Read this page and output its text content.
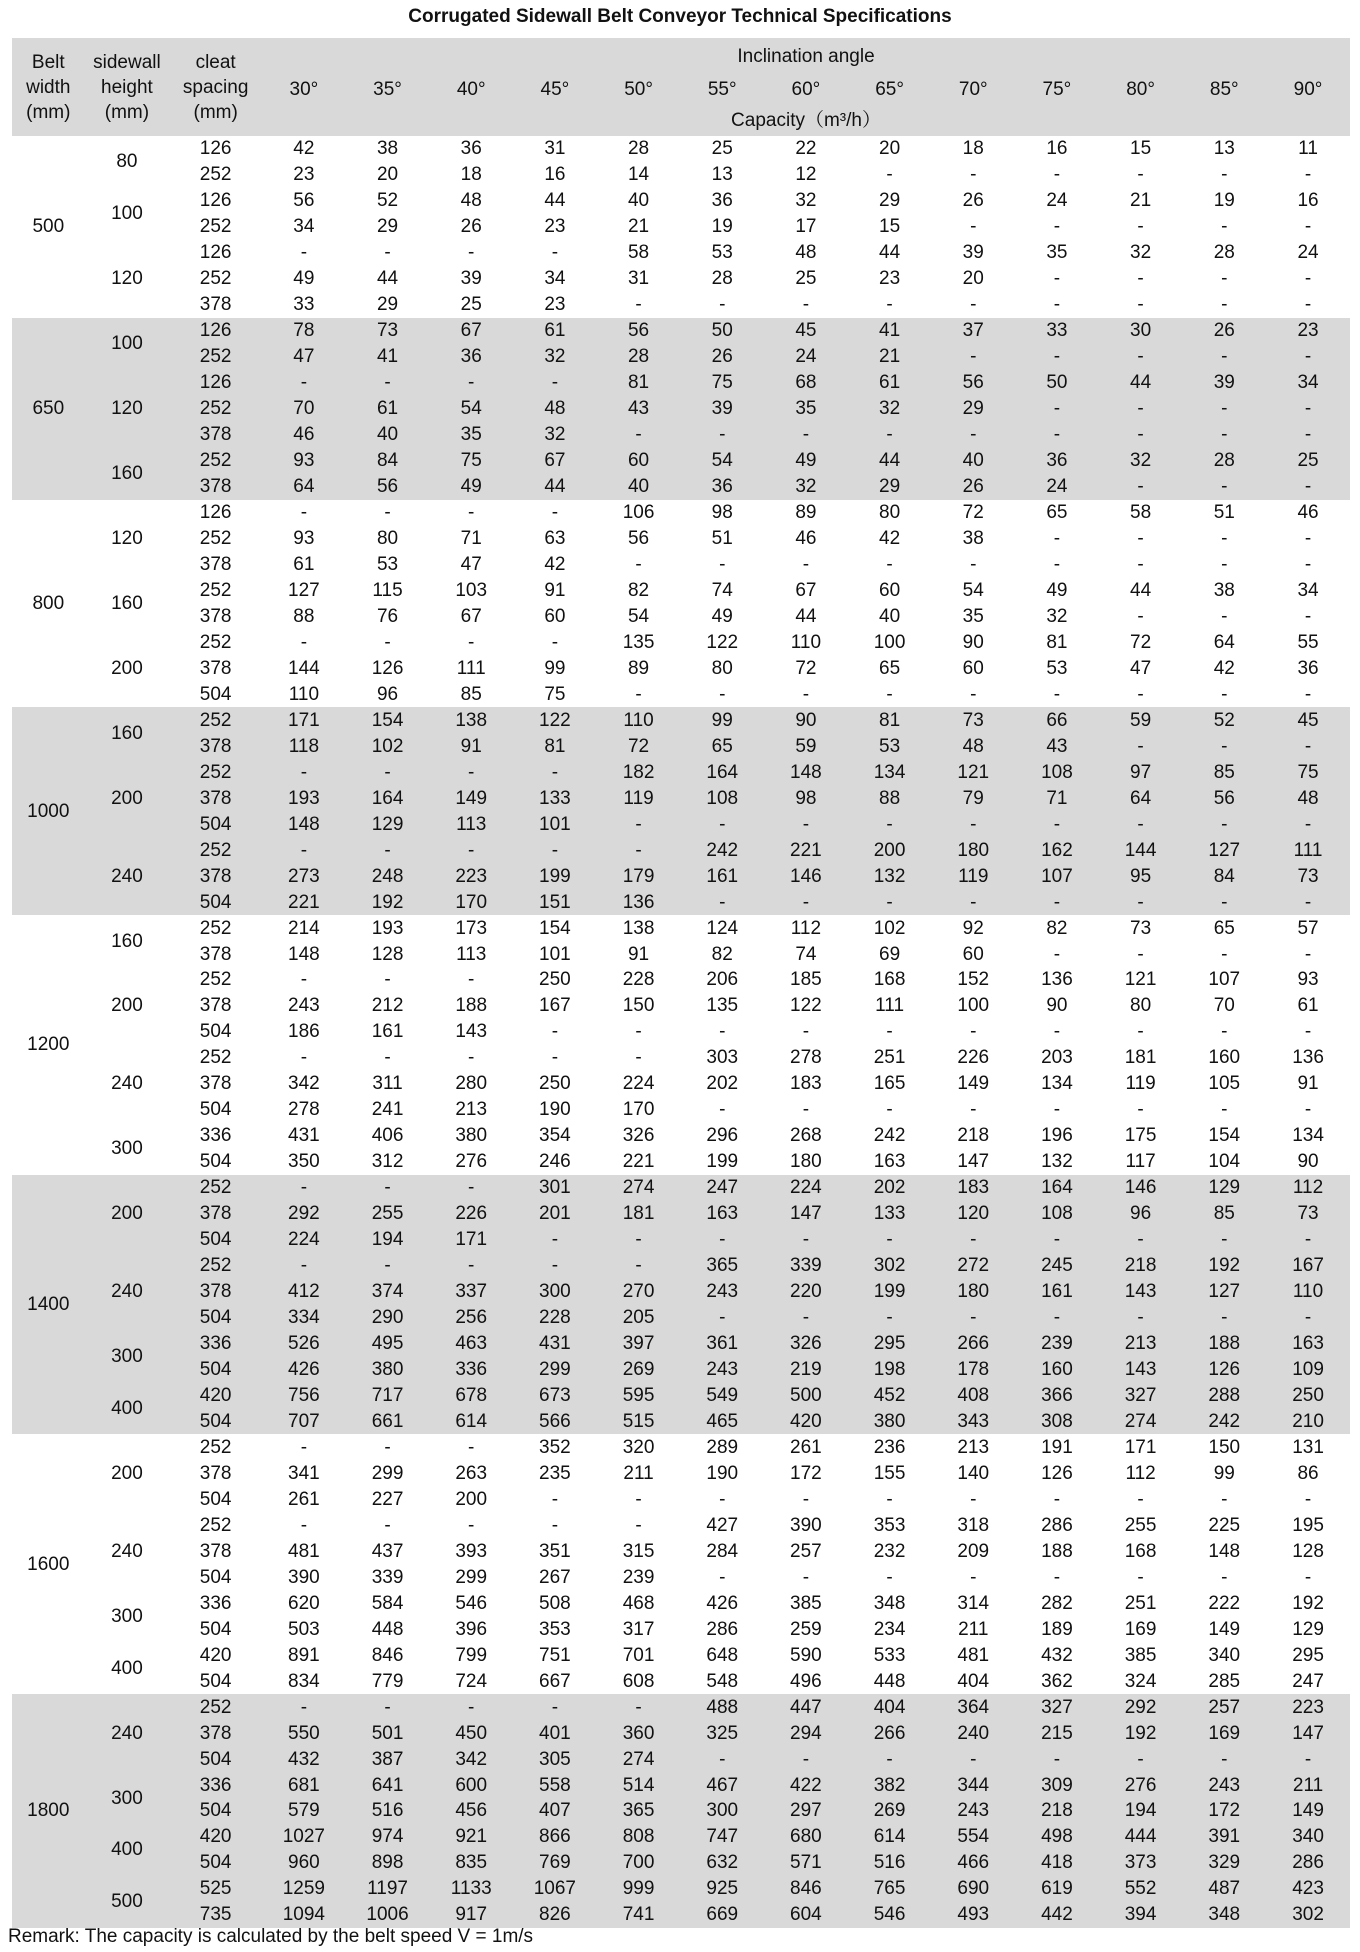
Corrugated Sidewall Belt Conveyor Technical Specifications
Belt width (mm)	sidewall height (mm)	cleat spacing (mm)	Inclination angle												
			30°	35°	40°	45°	50°	55°	60°	65°	70°	75°	80°	85°	90°
			Capacity（m³/h）												
500	80	126	42	38	36	31	28	25	22	20	18	16	15	13	11
		252	23	20	18	16	14	13	12	-	-	-	-	-	-
	100	126	56	52	48	44	40	36	32	29	26	24	21	19	16
		252	34	29	26	23	21	19	17	15	-	-	-	-	-
	120	126	-	-	-	-	58	53	48	44	39	35	32	28	24
		252	49	44	39	34	31	28	25	23	20	-	-	-	-
		378	33	29	25	23	-	-	-	-	-	-	-	-	-
650	100	126	78	73	67	61	56	50	45	41	37	33	30	26	23
		252	47	41	36	32	28	26	24	21	-	-	-	-	-
	120	126	-	-	-	-	81	75	68	61	56	50	44	39	34
		252	70	61	54	48	43	39	35	32	29	-	-	-	-
		378	46	40	35	32	-	-	-	-	-	-	-	-	-
	160	252	93	84	75	67	60	54	49	44	40	36	32	28	25
		378	64	56	49	44	40	36	32	29	26	24	-	-	-
800	120	126	-	-	-	-	106	98	89	80	72	65	58	51	46
		252	93	80	71	63	56	51	46	42	38	-	-	-	-
		378	61	53	47	42	-	-	-	-	-	-	-	-	-
	160	252	127	115	103	91	82	74	67	60	54	49	44	38	34
		378	88	76	67	60	54	49	44	40	35	32	-	-	-
	200	252	-	-	-	-	135	122	110	100	90	81	72	64	55
		378	144	126	111	99	89	80	72	65	60	53	47	42	36
		504	110	96	85	75	-	-	-	-	-	-	-	-	-
1000	160	252	171	154	138	122	110	99	90	81	73	66	59	52	45
		378	118	102	91	81	72	65	59	53	48	43	-	-	-
	200	252	-	-	-	-	182	164	148	134	121	108	97	85	75
		378	193	164	149	133	119	108	98	88	79	71	64	56	48
		504	148	129	113	101	-	-	-	-	-	-	-	-	-
	240	252	-	-	-	-	-	242	221	200	180	162	144	127	111
		378	273	248	223	199	179	161	146	132	119	107	95	84	73
		504	221	192	170	151	136	-	-	-	-	-	-	-	-
1200	160	252	214	193	173	154	138	124	112	102	92	82	73	65	57
		378	148	128	113	101	91	82	74	69	60	-	-	-	-
	200	252	-	-	-	250	228	206	185	168	152	136	121	107	93
		378	243	212	188	167	150	135	122	111	100	90	80	70	61
		504	186	161	143	-	-	-	-	-	-	-	-	-	-
	240	252	-	-	-	-	-	303	278	251	226	203	181	160	136
		378	342	311	280	250	224	202	183	165	149	134	119	105	91
		504	278	241	213	190	170	-	-	-	-	-	-	-	-
	300	336	431	406	380	354	326	296	268	242	218	196	175	154	134
		504	350	312	276	246	221	199	180	163	147	132	117	104	90
1400	200	252	-	-	-	301	274	247	224	202	183	164	146	129	112
		378	292	255	226	201	181	163	147	133	120	108	96	85	73
		504	224	194	171	-	-	-	-	-	-	-	-	-	-
	240	252	-	-	-	-	-	365	339	302	272	245	218	192	167
		378	412	374	337	300	270	243	220	199	180	161	143	127	110
		504	334	290	256	228	205	-	-	-	-	-	-	-	-
	300	336	526	495	463	431	397	361	326	295	266	239	213	188	163
		504	426	380	336	299	269	243	219	198	178	160	143	126	109
	400	420	756	717	678	673	595	549	500	452	408	366	327	288	250
		504	707	661	614	566	515	465	420	380	343	308	274	242	210
1600	200	252	-	-	-	352	320	289	261	236	213	191	171	150	131
		378	341	299	263	235	211	190	172	155	140	126	112	99	86
		504	261	227	200	-	-	-	-	-	-	-	-	-	-
	240	252	-	-	-	-	-	427	390	353	318	286	255	225	195
		378	481	437	393	351	315	284	257	232	209	188	168	148	128
		504	390	339	299	267	239	-	-	-	-	-	-	-	-
	300	336	620	584	546	508	468	426	385	348	314	282	251	222	192
		504	503	448	396	353	317	286	259	234	211	189	169	149	129
	400	420	891	846	799	751	701	648	590	533	481	432	385	340	295
		504	834	779	724	667	608	548	496	448	404	362	324	285	247
1800	240	252	-	-	-	-	-	488	447	404	364	327	292	257	223
		378	550	501	450	401	360	325	294	266	240	215	192	169	147
		504	432	387	342	305	274	-	-	-	-	-	-	-	-
	300	336	681	641	600	558	514	467	422	382	344	309	276	243	211
		504	579	516	456	407	365	300	297	269	243	218	194	172	149
	400	420	1027	974	921	866	808	747	680	614	554	498	444	391	340
		504	960	898	835	769	700	632	571	516	466	418	373	329	286
	500	525	1259	1197	1133	1067	999	925	846	765	690	619	552	487	423
		735	1094	1006	917	826	741	669	604	546	493	442	394	348	302
Remark: The capacity is calculated by the belt speed V = 1m/s
